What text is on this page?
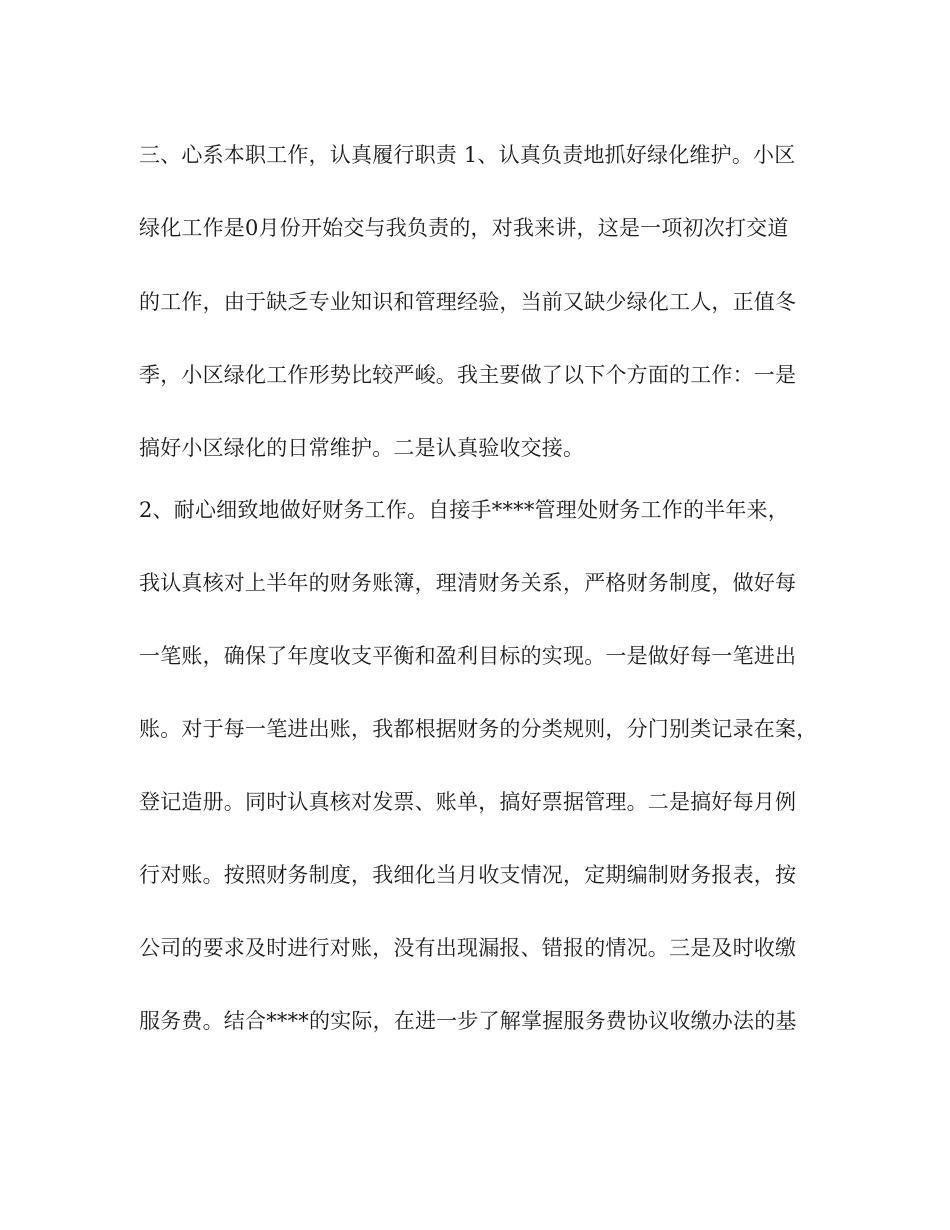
三、心系本职工作，认真履行职责 1、认真负责地抓好绿化维护。小区
绿化工作是0月份开始交与我负责的，对我来讲，这是一项初次打交道
的工作，由于缺乏专业知识和管理经验，当前又缺少绿化工人，正值冬
季，小区绿化工作形势比较严峻。我主要做了以下个方面的工作：一是
搞好小区绿化的日常维护。二是认真验收交接。
2、耐心细致地做好财务工作。自接手****管理处财务工作的半年来，
我认真核对上半年的财务账簿，理清财务关系，严格财务制度，做好每
一笔账，确保了年度收支平衡和盈利目标的实现。一是做好每一笔进出
账。对于每一笔进出账，我都根据财务的分类规则，分门别类记录在案，
登记造册。同时认真核对发票、账单，搞好票据管理。二是搞好每月例
行对账。按照财务制度，我细化当月收支情况，定期编制财务报表，按
公司的要求及时进行对账，没有出现漏报、错报的情况。三是及时收缴
服务费。结合****的实际，在进一步了解掌握服务费协议收缴办法的基
